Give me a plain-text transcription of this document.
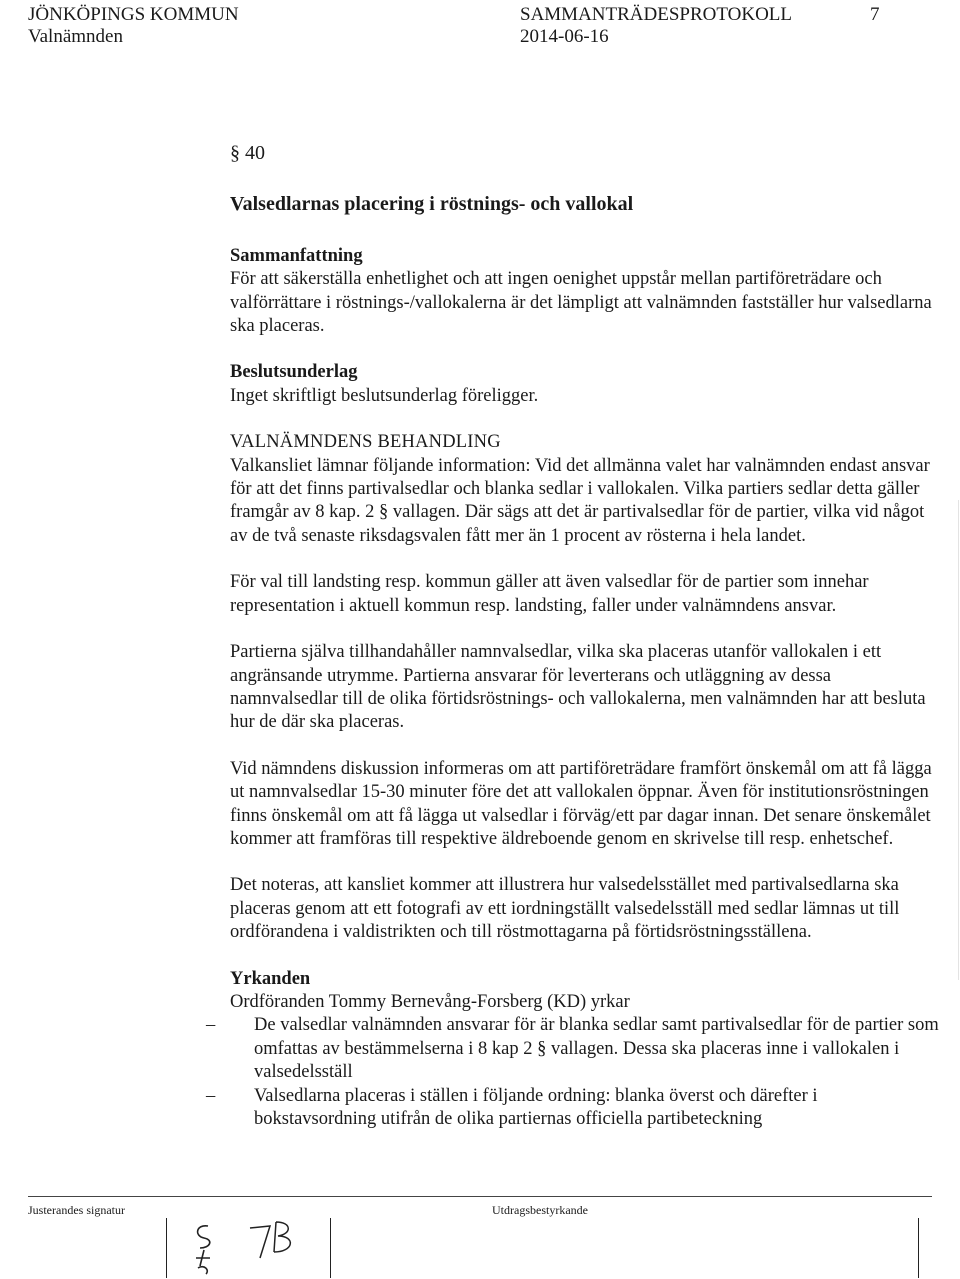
JÖNKÖPINGS KOMMUN
Valnämnden
SAMMANTRÄDESPROTOKOLL
2014-06-16
7
§ 40
Valsedlarnas placering i röstnings- och vallokal
Sammanfattning
För att säkerställa enhetlighet och att ingen oenighet uppstår mellan partiföreträdare och valförrättare i röstnings-/vallokalerna är det lämpligt att valnämnden fastställer hur valsedlarna ska placeras.
Beslutsunderlag
Inget skriftligt beslutsunderlag föreligger.
VALNÄMNDENS BEHANDLING
Valkansliet lämnar följande information: Vid det allmänna valet har valnämnden endast ansvar för att det finns partivalsedlar och blanka sedlar i vallokalen. Vilka partiers sedlar detta gäller framgår av 8 kap. 2 § vallagen. Där sägs att det är partivalsedlar för de partier, vilka vid något av de två senaste riksdagsvalen fått mer än 1 procent av rösterna i hela landet.
För val till landsting resp. kommun gäller att även valsedlar för de partier som innehar representation i aktuell kommun resp. landsting, faller under valnämndens ansvar.
Partierna själva tillhandahåller namnvalsedlar, vilka ska placeras utanför vallokalen i ett angränsande utrymme. Partierna ansvarar för leverterans och utläggning av dessa namnvalsedlar till de olika förtidsröstnings- och vallokalerna, men valnämnden har att besluta hur de där ska placeras.
Vid nämndens diskussion informeras om att partiföreträdare framfört önskemål om att få lägga ut namnvalsedlar 15-30 minuter före det att vallokalen öppnar. Även för institutionsröstningen finns önskemål om att få lägga ut valsedlar i förväg/ett par dagar innan. Det senare önskemålet kommer att framföras till respektive äldreboende genom en skrivelse till resp. enhetschef.
Det noteras, att kansliet kommer att illustrera hur valsedelsstället med partivalsedlarna ska placeras genom att ett fotografi av ett iordningställt valsedelsställ med sedlar lämnas ut till ordförandena i valdistrikten och till röstmottagarna på förtidsröstningsställena.
Yrkanden
Ordföranden Tommy Bernevång-Forsberg (KD) yrkar
–	De valsedlar valnämnden ansvarar för är blanka sedlar samt partivalsedlar för de partier som omfattas av bestämmelserna i 8 kap 2 § vallagen. Dessa ska placeras inne i vallokalen i valsedelsställ
–	Valsedlarna placeras i ställen i följande ordning: blanka överst och därefter i bokstavsordning utifrån de olika partiernas officiella partibeteckning
Justerandes signatur	Utdragsbestyrkande
